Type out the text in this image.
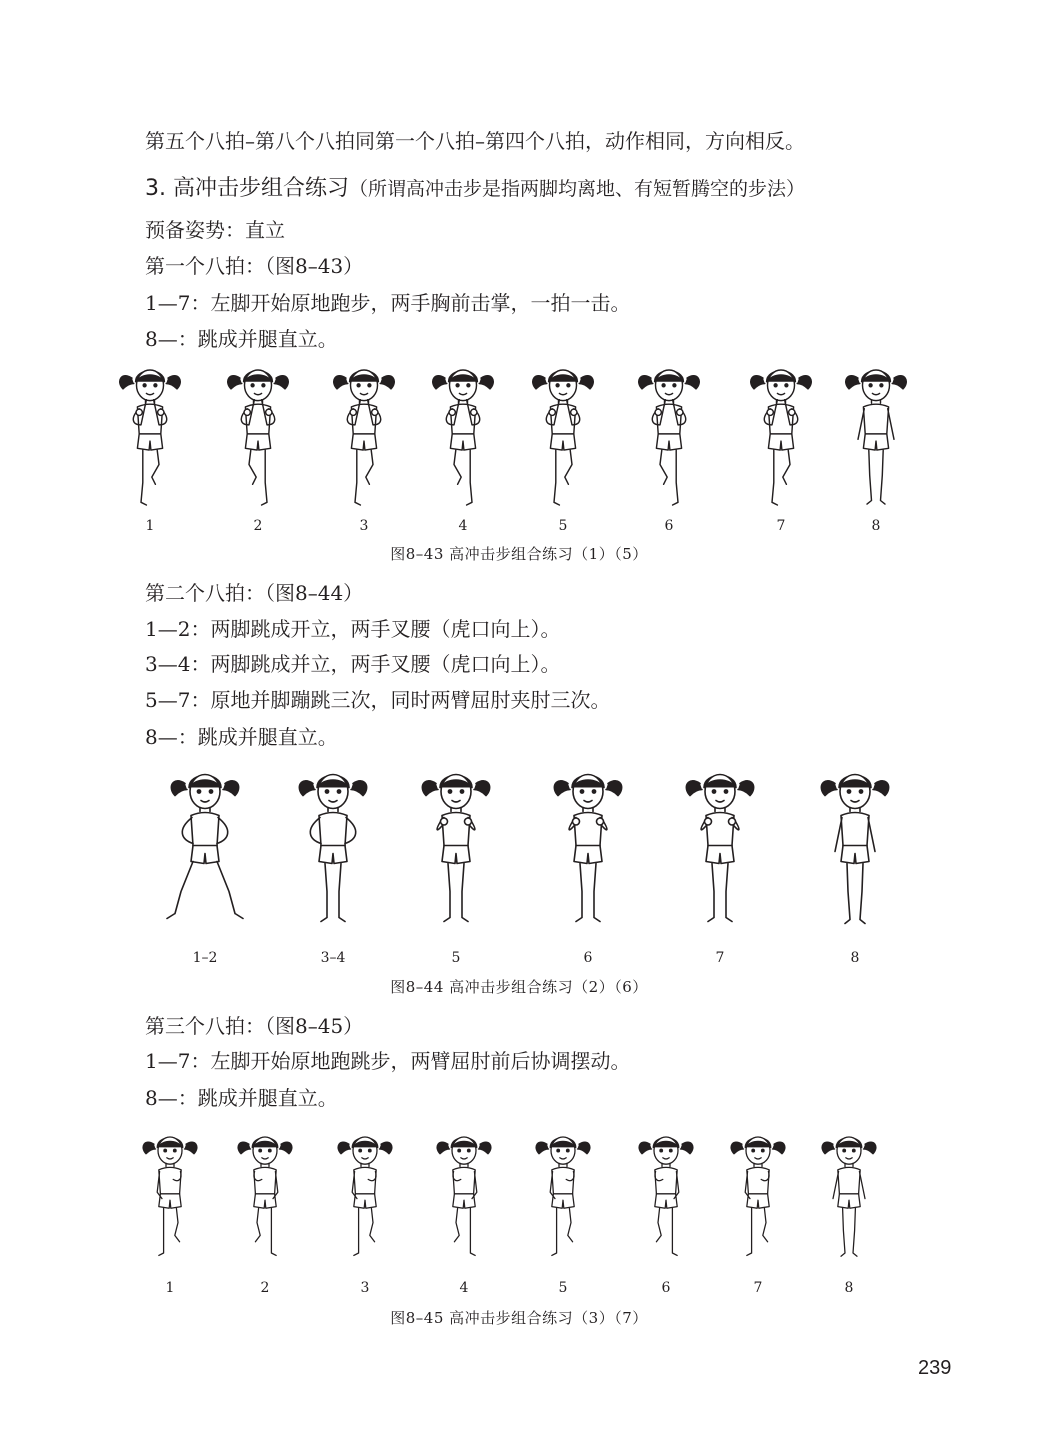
第五个八拍–第八个八拍同第一个八拍–第四个八拍，动作相同，方向相反。
3. 高冲击步组合练习（所谓高冲击步是指两脚均离地、有短暂腾空的步法）
预备姿势：直立
第一个八拍：（图8–43）
1—7：左脚开始原地跑步，两手胸前击掌，一拍一击。
8—：跳成并腿直立。
1	2	3	4	5	6	7	8
图8–43 高冲击步组合练习（1）（5）
第二个八拍：（图8–44）
1—2：两脚跳成开立，两手叉腰（虎口向上）。
3—4：两脚跳成并立，两手叉腰（虎口向上）。
5—7：原地并脚蹦跳三次，同时两臂屈肘夹肘三次。
8—：跳成并腿直立。
1–2	3–4	5	6	7	8
图8–44 高冲击步组合练习（2）（6）
第三个八拍：（图8–45）
1—7：左脚开始原地跑跳步，两臂屈肘前后协调摆动。
8—：跳成并腿直立。
1	2	3	4	5	6	7	8
图8–45 高冲击步组合练习（3）（7）
239
